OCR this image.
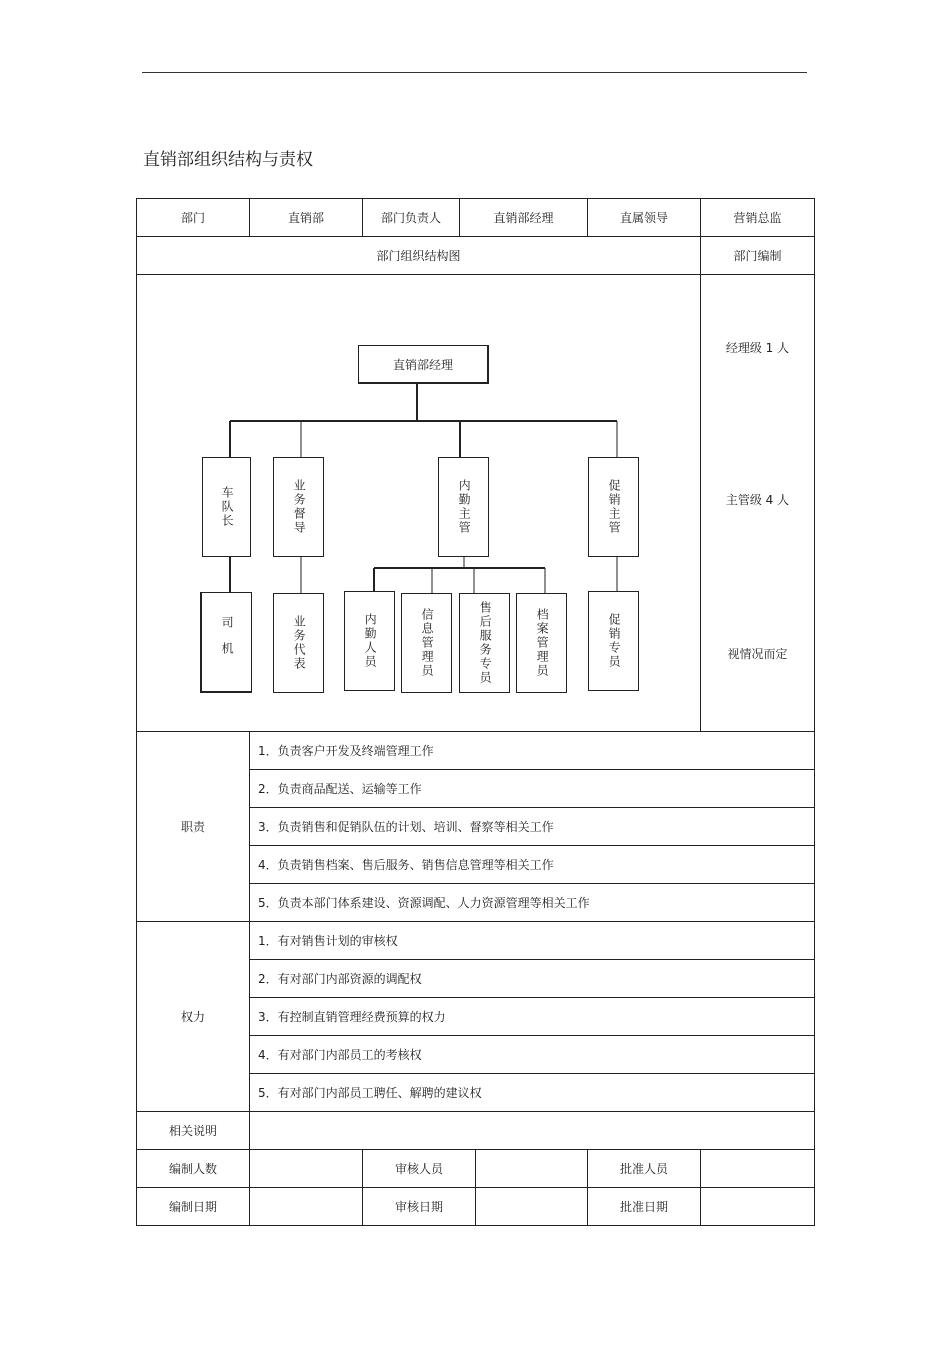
直销部组织结构与责权
部门	直销部	部门负责人	直销部经理	直属领导	营销总监
部门组织结构图	部门编制
经理级 1 人
主管级 4 人
视情况而定
直销部经理
车队长	业务督导	内勤主管	促销主管
司机	业务代表	内勤人员	信息管理员	售后服务专员	档案管理员	促销专员
职责
1．负责客户开发及终端管理工作
2．负责商品配送、运输等工作
3．负责销售和促销队伍的计划、培训、督察等相关工作
4．负责销售档案、售后服务、销售信息管理等相关工作
5．负责本部门体系建设、资源调配、人力资源管理等相关工作
权力
1．有对销售计划的审核权
2．有对部门内部资源的调配权
3．有控制直销管理经费预算的权力
4．有对部门内部员工的考核权
5．有对部门内部员工聘任、解聘的建议权
相关说明
编制人数	审核人员	批准人员
编制日期	审核日期	批准日期
